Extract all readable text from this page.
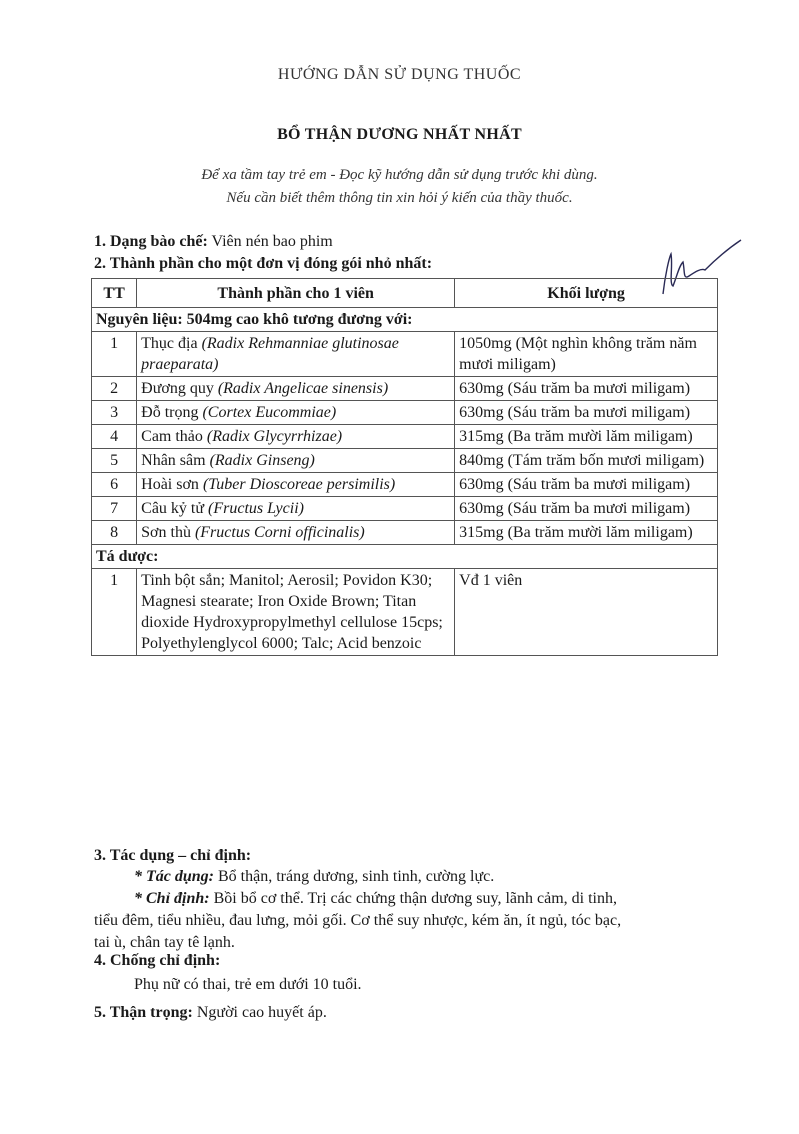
HƯỚNG DẪN SỬ DỤNG THUỐC
BỔ THẬN DƯƠNG NHẤT NHẤT
Để xa tầm tay trẻ em - Đọc kỹ hướng dẫn sử dụng trước khi dùng.
Nếu cần biết thêm thông tin xin hỏi ý kiến của thầy thuốc.
1. Dạng bào chế: Viên nén bao phim
2. Thành phần cho một đơn vị đóng gói nhỏ nhất:
TT	Thành phần cho 1 viên	Khối lượng
Nguyên liệu: 504mg cao khô tương đương với:		
1	Thục địa (Radix Rehmanniae glutinosae praeparata)	1050mg (Một nghìn không trăm năm mươi miligam)
2	Đương quy (Radix Angelicae sinensis)	630mg (Sáu trăm ba mươi miligam)
3	Đỗ trọng (Cortex Eucommiae)	630mg (Sáu trăm ba mươi miligam)
4	Cam thảo (Radix Glycyrrhizae)	315mg (Ba trăm mười lăm miligam)
5	Nhân sâm (Radix Ginseng)	840mg (Tám trăm bốn mươi miligam)
6	Hoài sơn (Tuber Dioscoreae persimilis)	630mg (Sáu trăm ba mươi miligam)
7	Câu kỷ tử (Fructus Lycii)	630mg (Sáu trăm ba mươi miligam)
8	Sơn thù (Fructus Corni officinalis)	315mg (Ba trăm mười lăm miligam)
Tá dược:		
1	Tinh bột sắn; Manitol; Aerosil; Povidon K30; Magnesi stearate; Iron Oxide Brown; Titan dioxide Hydroxypropylmethyl cellulose 15cps; Polyethylenglycol 6000; Talc; Acid benzoic	Vđ 1 viên
3. Tác dụng – chỉ định:
* Tác dụng: Bổ thận, tráng dương, sinh tinh, cường lực.
* Chỉ định: Bồi bổ cơ thể. Trị các chứng thận dương suy, lãnh cảm, di tinh,
tiểu đêm, tiểu nhiều, đau lưng, mỏi gối. Cơ thể suy nhược, kém ăn, ít ngủ, tóc bạc,
tai ù, chân tay tê lạnh.
4. Chống chỉ định:
Phụ nữ có thai, trẻ em dưới 10 tuổi.
5. Thận trọng: Người cao huyết áp.
